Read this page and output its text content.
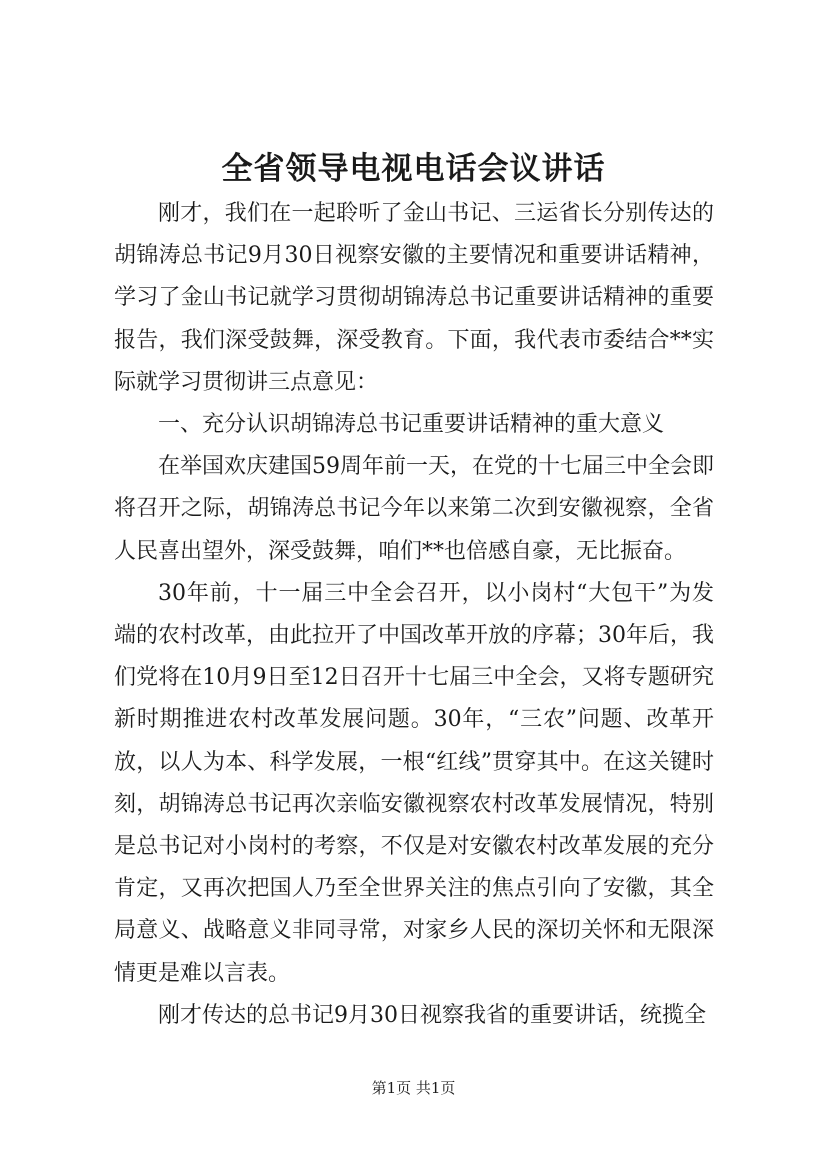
全省领导电视电话会议讲话

刚才，我们在一起聆听了金山书记、三运省长分别传达的胡锦涛总书记9月30日视察安徽的主要情况和重要讲话精神，学习了金山书记就学习贯彻胡锦涛总书记重要讲话精神的重要报告，我们深受鼓舞，深受教育。下面，我代表市委结合**实际就学习贯彻讲三点意见：

一、充分认识胡锦涛总书记重要讲话精神的重大意义

在举国欢庆建国59周年前一天，在党的十七届三中全会即将召开之际，胡锦涛总书记今年以来第二次到安徽视察，全省人民喜出望外，深受鼓舞，咱们**也倍感自豪，无比振奋。

30年前，十一届三中全会召开，以小岗村“大包干”为发端的农村改革，由此拉开了中国改革开放的序幕；30年后，我们党将在10月9日至12日召开十七届三中全会，又将专题研究新时期推进农村改革发展问题。30年，“三农”问题、改革开放，以人为本、科学发展，一根“红线”贯穿其中。在这关键时刻，胡锦涛总书记再次亲临安徽视察农村改革发展情况，特别是总书记对小岗村的考察，不仅是对安徽农村改革发展的充分肯定，又再次把国人乃至全世界关注的焦点引向了安徽，其全局意义、战略意义非同寻常，对家乡人民的深切关怀和无限深情更是难以言表。

刚才传达的总书记9月30日视察我省的重要讲话，统揽全

第1页 共1页
